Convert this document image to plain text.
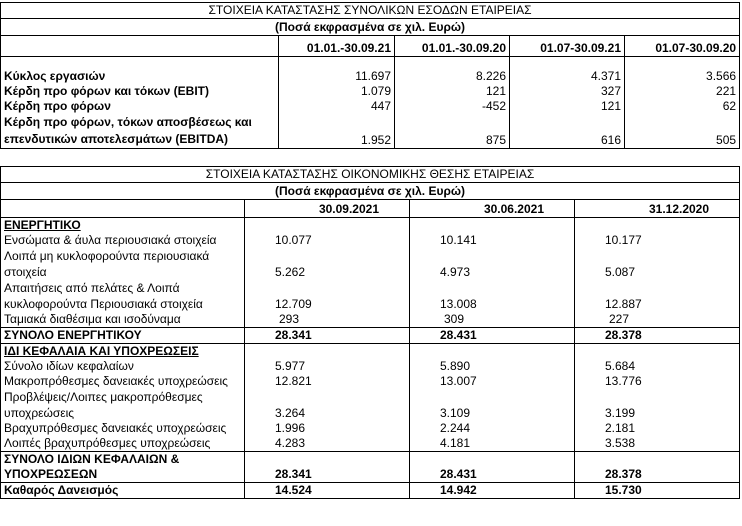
ΣΤΟΙΧΕΙΑ ΚΑΤΑΣΤΑΣΗΣ ΣΥΝΟΛΙΚΩΝ ΕΣΟΔΩΝ ΕΤΑΙΡΕΙΑΣ
(Ποσά εκφρασμένα σε χιλ. Ευρώ)				

	01.01.-30.09.21	01.01.-30.09.20	01.07-30.09.21	01.07-30.09.20

Κύκλος εργασιών	11.697	8.226	4.371	3.566
Κέρδη προ φόρων και τόκων (EBIT)	1.079	121	327	221
Κέρδη προ φόρων	447	-452	121	62
Κέρδη προ φόρων, τόκων αποσβέσεως και επενδυτικών αποτελεσμάτων (EBITDA)	1.952	875	616	505
ΣΤΟΙΧΕΙΑ ΚΑΤΑΣΤΑΣΗΣ ΟΙΚΟΝΟΜΙΚΗΣ ΘΕΣΗΣ ΕΤΑΙΡΕΙΑΣ
(Ποσά εκφρασμένα σε χιλ. Ευρώ)			

	30.09.2021	30.06.2021	31.12.2020
ΕΝΕΡΓΗΤΙΚΟ			
Ενσώματα & άυλα περιουσιακά στοιχεία	10.077	10.141	10.177
Λοιπά μη κυκλοφορούντα περιουσιακά στοιχεία	5.262	4.973	5.087
Απαιτήσεις από πελάτες & Λοιπά κυκλοφορούντα Περιουσιακά στοιχεία	12.709	13.008	12.887
Ταμιακά διαθέσιμα και ισοδύναμα	293	309	227
ΣΥΝΟΛΟ ΕΝΕΡΓΗΤΙΚΟΥ	28.341	28.431	28.378
ΙΔΙ ΚΕΦΑΛΑΙΑ ΚΑΙ ΥΠΟΧΡΕΩΣΕΙΣ			
Σύνολο ιδίων κεφαλαίων	5.977	5.890	5.684
Μακροπρόθεσμες δανειακές υποχρεώσεις	12.821	13.007	13.776
Προβλέψεις/Λοιπες μακροπρόθεσμες υποχρεώσεις	3.264	3.109	3.199
Βραχυπρόθεσμες δανειακές υποχρεώσεις	1.996	2.244	2.181
Λοιπές βραχυπρόθεσμες υποχρεώσεις	4.283	4.181	3.538
ΣΥΝΟΛΟ ΙΔΙΩΝ ΚΕΦΑΛΑΙΩΝ & ΥΠΟΧΡΕΩΣΕΩΝ	28.341	28.431	28.378
Καθαρός Δανεισμός	14.524	14.942	15.730
